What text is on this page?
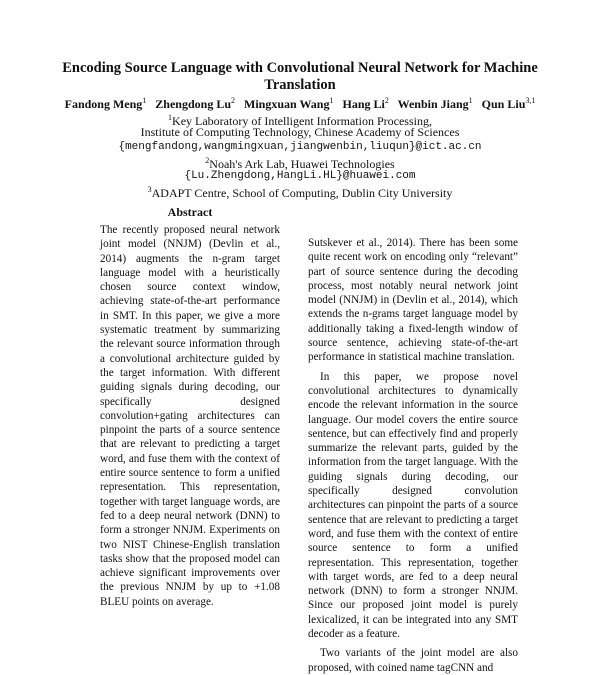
Encoding Source Language with Convolutional Neural Network for Machine Translation
Fandong Meng$^1$ Zhengdong Lu$^2$ Mingxuan Wang$^1$ Hang Li$^2$ Wenbin Jiang$^1$ Qun Liu$^{3,1}$
$^1$Key Laboratory of Intelligent Information Processing,
Institute of Computing Technology, Chinese Academy of Sciences
{mengfandong,wangmingxuan,jiangwenbin,liuqun}@ict.ac.cn
$^2$Noah's Ark Lab, Huawei Technologies
{Lu.Zhengdong,HangLi.HL}@huawei.com
$^3$ADAPT Centre, School of Computing, Dublin City University
Abstract

The recently proposed neural network joint model (NNJM) (Devlin et al., 2014) augments the n-gram target language model with a heuristically chosen source context window, achieving state-of-the-art performance in SMT. In this paper, we give a more systematic treatment by summarizing the relevant source information through a convolutional architecture guided by the target information. With different guiding signals during decoding, our specifically designed convolution+gating architectures can pinpoint the parts of a source sentence that are relevant to predicting a target word, and fuse them with the context of entire source sentence to form a unified representation. This representation, together with target language words, are fed to a deep neural network (DNN) to form a stronger NNJM. Experiments on two NIST Chinese-English translation tasks show that the proposed model can achieve significant improvements over the previous NNJM by up to +1.08 BLEU points on average.

Sutskever et al., 2014). There has been some quite recent work on encoding only “relevant” part of source sentence during the decoding process, most notably neural network joint model (NNJM) in (Devlin et al., 2014), which extends the n-grams target language model by additionally taking a fixed-length window of source sentence, achieving state-of-the-art performance in statistical machine translation.

In this paper, we propose novel convolutional architectures to dynamically encode the relevant information in the source language. Our model covers the entire source sentence, but can effectively find and properly summarize the relevant parts, guided by the information from the target language. With the guiding signals during decoding, our specifically designed convolution architectures can pinpoint the parts of a source sentence that are relevant to predicting a target word, and fuse them with the context of entire source sentence to form a unified representation. This representation, together with target words, are fed to a deep neural network (DNN) to form a stronger NNJM. Since our proposed joint model is purely lexicalized, it can be integrated into any SMT decoder as a feature.

Two variants of the joint model are also proposed, with coined name tagCNN and
